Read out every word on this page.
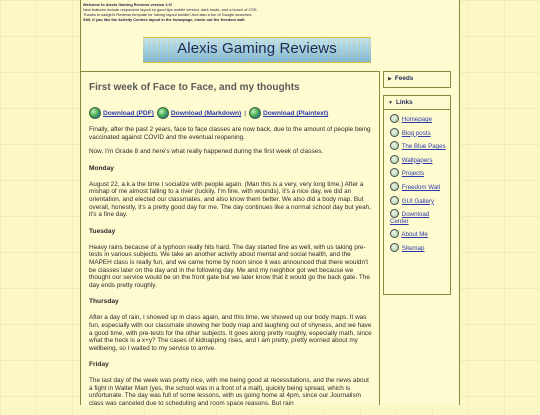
Welcome to Alexis Gaming Reviews version 2.0!
New features include responsive layout so good tips mobile version, dark mode, and a bunch of CSS.
Thanks to sadgirl's Reviews template for having layout builder! And also a ton of Google searches.
Still, if you like the Activity Centers layout in the homepage, check out the freedom wall.
Alexis Gaming Reviews
First week of Face to Face, and my thoughts
Download (PDF)	Download (Markdown) |	Download (Plaintext)

Finally, after the past 2 years, face to face classes are now back, due to the amount of people being vaccinated against COVID and the eventual reopening.

Now, I'm Grade 8 and here's what really happened during the first week of classes.

Monday

August 22, a.k.a the time I socialize with people again. (Man this is a very, very long time.) After a mishap of me almost falling to a river (luckily, I'm fine, with wounds), it's a nice day, we did an orientation, and elected our classmates, and also know them better. We also did a body map. But overall, honestly, it's a pretty good day for me. The day continues like a normal school day but yeah, it's a fine day.

Tuesday

Heavy rains because of a typhoon really hits hard. The day started fine as well, with us taking pre-tests in various subjects. We take an another activity about mental and social health, and the MAPEH class is really fun, and we came home by noon since it was announced that there wouldn't be classes later on the day and in the following day. Me and my neighbor got wet because we thought our service would be on the front gate but we later know that it would go the back gate. The day ends pretty roughly.

Thursday

After a day of rain, I showed up in class again, and this time, we showed up our body maps. It was fun, especially with our classmate showing her body map and laughing out of shyness, and we have a good time, with pre-tests for the other subjects. It goes along pretty roughly, especially math, since what the heck is a x+y? The cases of kidnapping rises, and I am pretty, pretty worried about my wellbeing, so I waited to my service to arrive.

Friday

The last day of the week was pretty nice, with me being good at recessitations, and the news about a fight in Walter Mart (yes, the school was in a front of a mall), quickly being spread, which is unfortunate. The day was full of some lessons, with us going home at 4pm, since our Journalism class was canceled due to scheduling and room space reasons. But rain

▶ Feeds
▼ Links
Homepage
Blog posts
The Blue Pages
Wallpapers
Projects
Freedom Wall
GUI Gallery
Download Center
About Me
Sitemap
